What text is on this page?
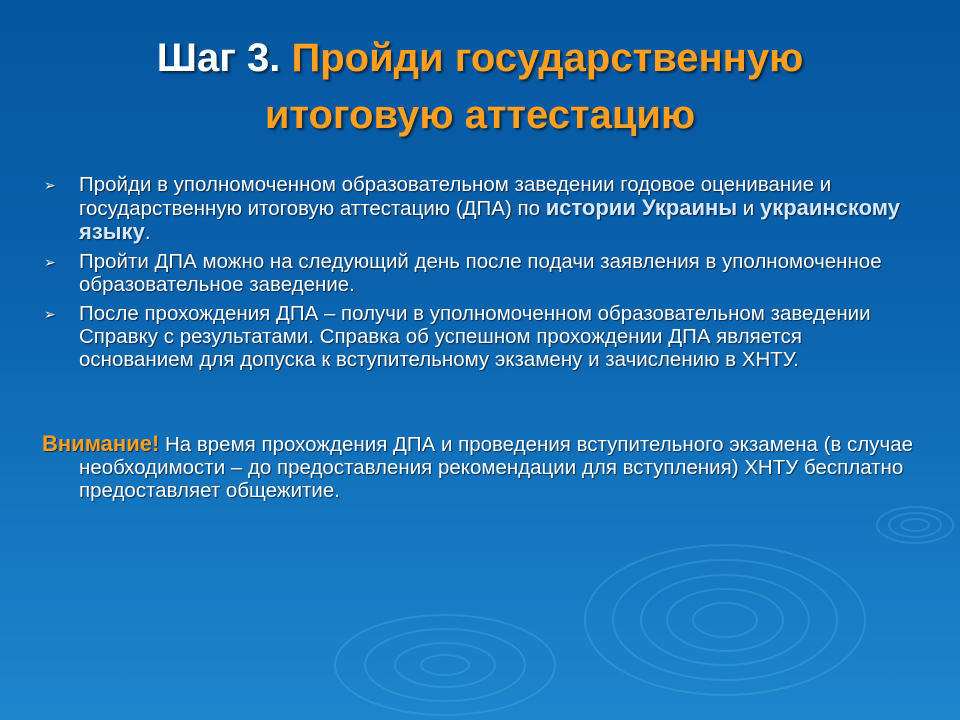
Шаг 3. Пройди государственную
итоговую аттестацию
➢ Пройди в уполномоченном образовательном заведении годовое оценивание и государственную итоговую аттестацию (ДПА) по истории Украины и украинскому языку.
➢ Пройти ДПА можно на следующий день после подачи заявления в уполномоченное образовательное заведение.
➢ После прохождения ДПА – получи в уполномоченном образовательном заведении Справку с результатами. Справка об успешном прохождении ДПА является основанием для допуска к вступительному экзамену и зачислению в ХНТУ.
Внимание! На время прохождения ДПА и проведения вступительного экзамена (в случае необходимости – до предоставления рекомендации для вступления) ХНТУ бесплатно предоставляет общежитие.
